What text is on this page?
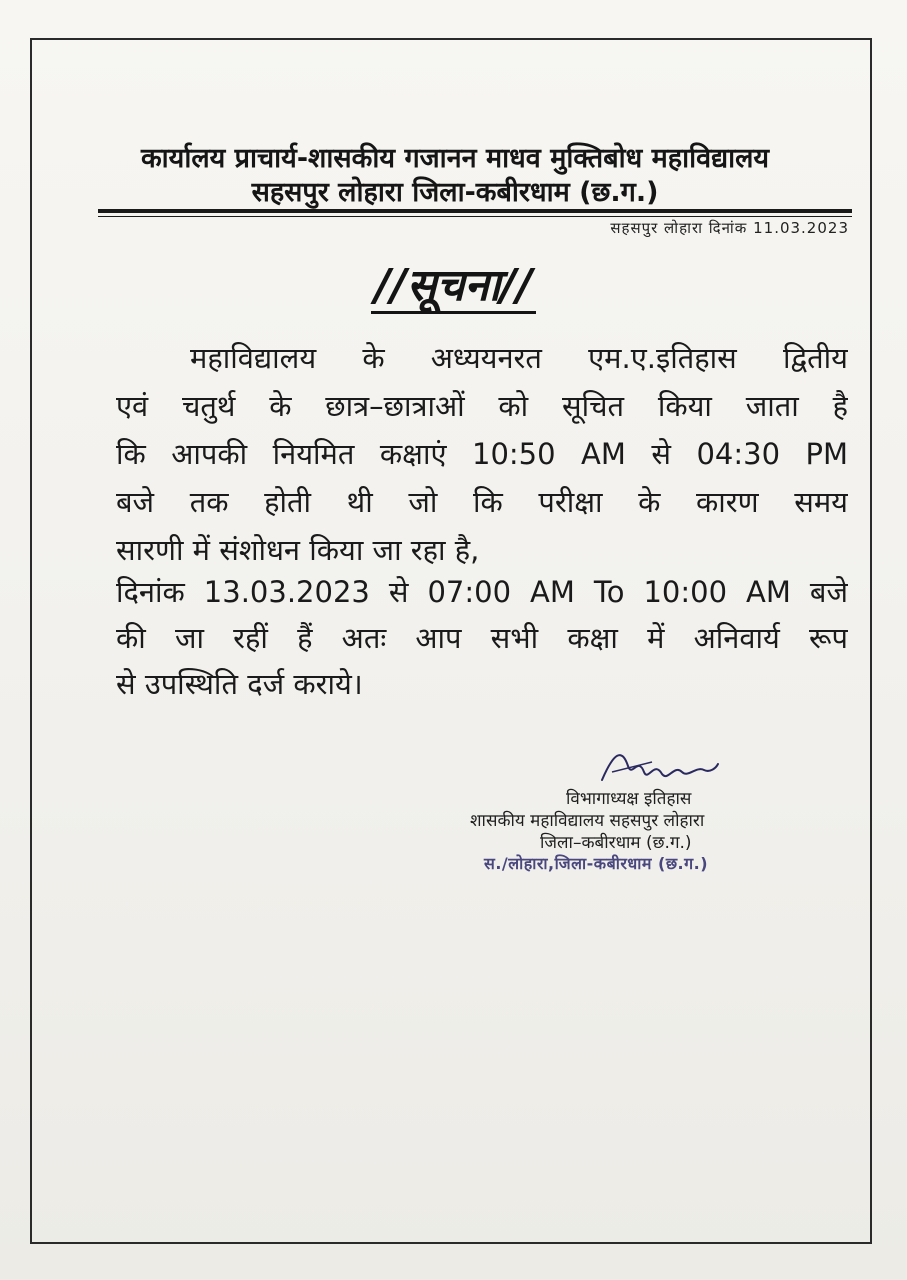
कार्यालय प्राचार्य-शासकीय गजानन माधव मुक्तिबोध महाविद्यालय
सहसपुर लोहारा जिला-कबीरधाम (छ.ग.)
सहसपुर लोहारा दिनांक 11.03.2023
//सूचना//
महाविद्यालय के अध्ययनरत एम.ए.इतिहास द्वितीय
एवं चतुर्थ के छात्र–छात्राओं को सूचित किया जाता है
कि आपकी नियमित कक्षाएं 10:50 AM से 04:30 PM
बजे तक होती थी जो कि परीक्षा के कारण समय
सारणी में संशोधन किया जा रहा है,
दिनांक 13.03.2023 से 07:00 AM To 10:00 AM बजे
की जा रहीं हैं अतः आप सभी कक्षा में अनिवार्य रूप
से उपस्थिति दर्ज कराये।
विभागाध्यक्ष इतिहास
शासकीय महाविद्यालय सहसपुर लोहारा
जिला–कबीरधाम (छ.ग.)
स./लोहारा,जिला-कबीरधाम (छ.ग.)
